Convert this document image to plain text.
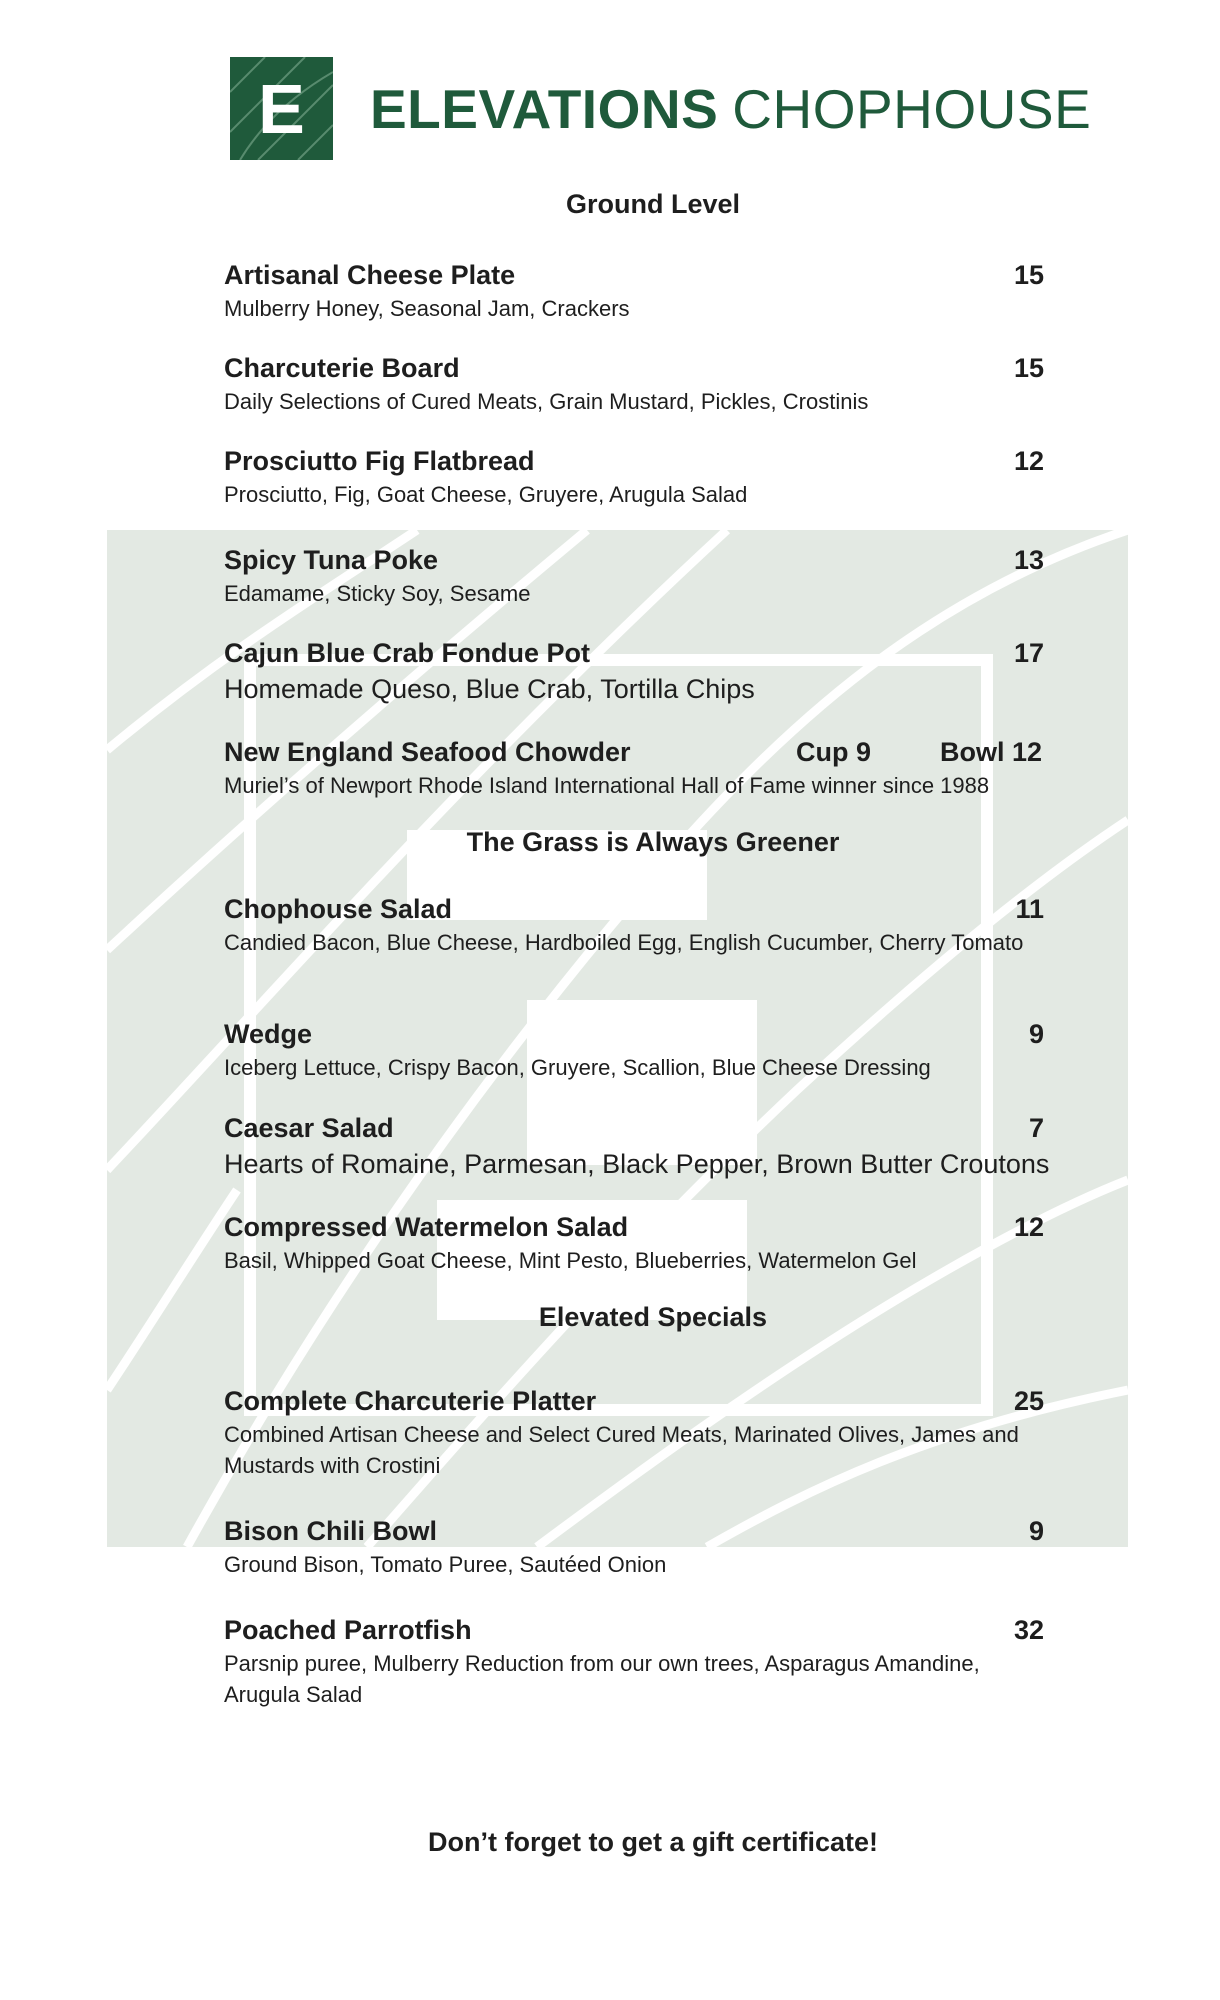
E ELEVATIONS CHOPHOUSE
Ground Level
Artisanal Cheese Plate	15
Mulberry Honey, Seasonal Jam, Crackers
Charcuterie Board	15
Daily Selections of Cured Meats, Grain Mustard, Pickles, Crostinis
Prosciutto Fig Flatbread	12
Prosciutto, Fig, Goat Cheese, Gruyere, Arugula Salad
Spicy Tuna Poke	13
Edamame, Sticky Soy, Sesame
Cajun Blue Crab Fondue Pot	17
Homemade Queso, Blue Crab, Tortilla Chips
New England Seafood Chowder	Cup 9	Bowl 12
Muriel’s of Newport Rhode Island International Hall of Fame winner since 1988
The Grass is Always Greener
Chophouse Salad	11
Candied Bacon, Blue Cheese, Hardboiled Egg, English Cucumber, Cherry Tomato
Wedge	9
Iceberg Lettuce, Crispy Bacon, Gruyere, Scallion, Blue Cheese Dressing
Caesar Salad	7
Hearts of Romaine, Parmesan, Black Pepper, Brown Butter Croutons
Compressed Watermelon Salad	12
Basil, Whipped Goat Cheese, Mint Pesto, Blueberries, Watermelon Gel
Elevated Specials
Complete Charcuterie Platter	25
Combined Artisan Cheese and Select Cured Meats, Marinated Olives, James and Mustards with Crostini
Bison Chili Bowl	9
Ground Bison, Tomato Puree, Sautéed Onion
Poached Parrotfish	32
Parsnip puree, Mulberry Reduction from our own trees, Asparagus Amandine, Arugula Salad

Don’t forget to get a gift certificate!
